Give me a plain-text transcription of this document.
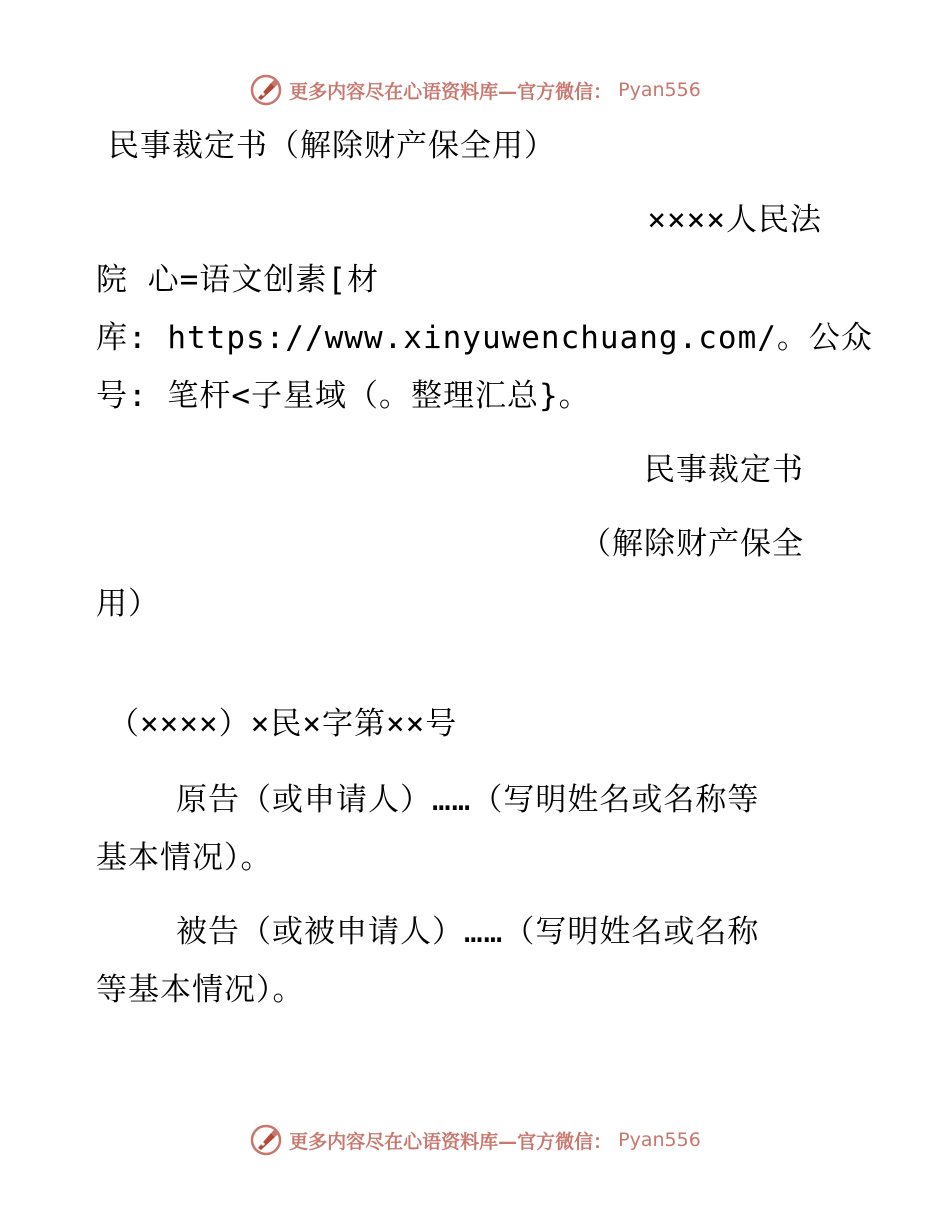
更多内容尽在心语资料库—官方微信： Pyan556
民事裁定书（解除财产保全用）
××××人民法
院 心=语文创素[材
库: https://www.xinyuwenchuang.com/。公众
号: 笔杆<子星域（。整理汇总}。
民事裁定书
（解除财产保全
用）
（××××）×民×字第××号
原告（或申请人）……（写明姓名或名称等
基本情况）。
被告（或被申请人）……（写明姓名或名称
等基本情况）。
更多内容尽在心语资料库—官方微信： Pyan556
